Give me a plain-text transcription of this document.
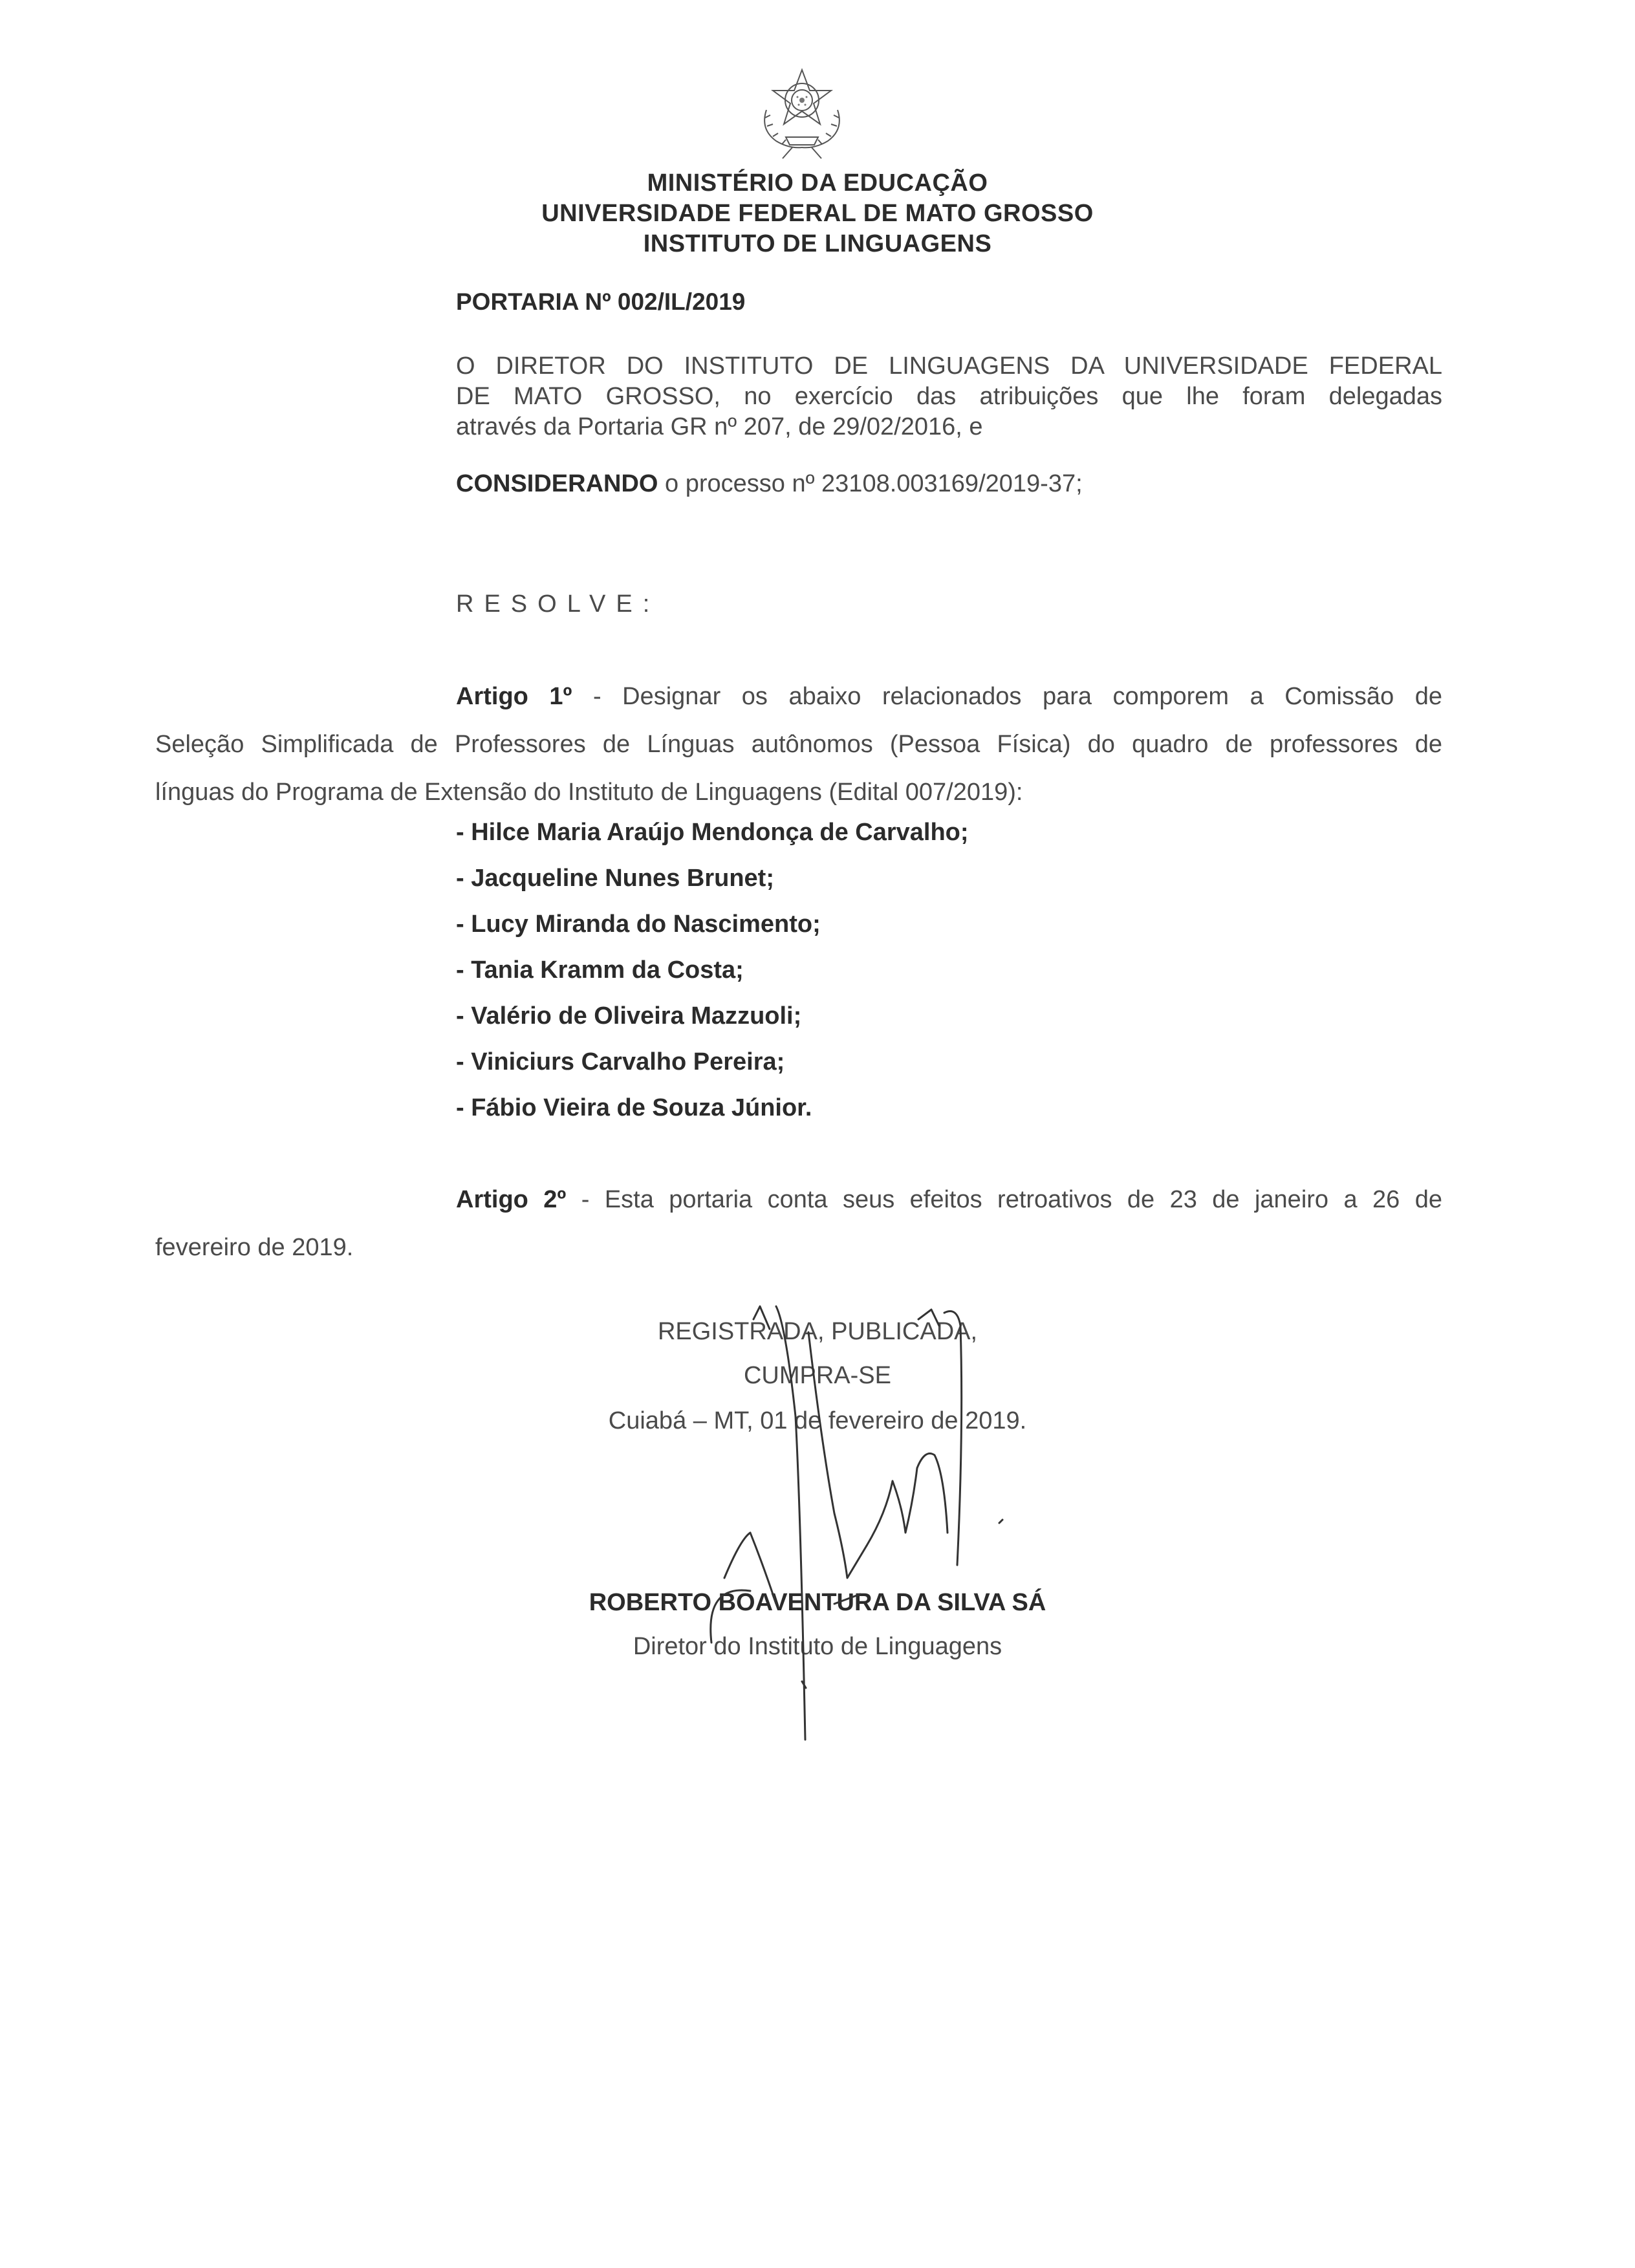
MINISTÉRIO DA EDUCAÇÃO
UNIVERSIDADE FEDERAL DE MATO GROSSO
INSTITUTO DE LINGUAGENS
PORTARIA Nº 002/IL/2019
O DIRETOR DO INSTITUTO DE LINGUAGENS DA UNIVERSIDADE FEDERAL
DE MATO GROSSO, no exercício das atribuições que lhe foram delegadas
através da Portaria GR nº 207, de 29/02/2016, e
CONSIDERANDO o processo nº 23108.003169/2019-37;
RESOLVE:
Artigo 1º - Designar os abaixo relacionados para comporem a Comissão de
Seleção Simplificada de Professores de Línguas autônomos (Pessoa Física) do quadro de professores de
línguas do Programa de Extensão do Instituto de Linguagens (Edital 007/2019):
- Hilce Maria Araújo Mendonça de Carvalho;
- Jacqueline Nunes Brunet;
- Lucy Miranda do Nascimento;
- Tania Kramm da Costa;
- Valério de Oliveira Mazzuoli;
- Viniciurs Carvalho Pereira;
- Fábio Vieira de Souza Júnior.
Artigo 2º - Esta portaria conta seus efeitos retroativos de 23 de janeiro a 26 de
fevereiro de 2019.
REGISTRADA, PUBLICADA,
CUMPRA-SE
Cuiabá – MT, 01 de fevereiro de 2019.
ROBERTO BOAVENTURA DA SILVA SÁ
Diretor do Instituto de Linguagens
